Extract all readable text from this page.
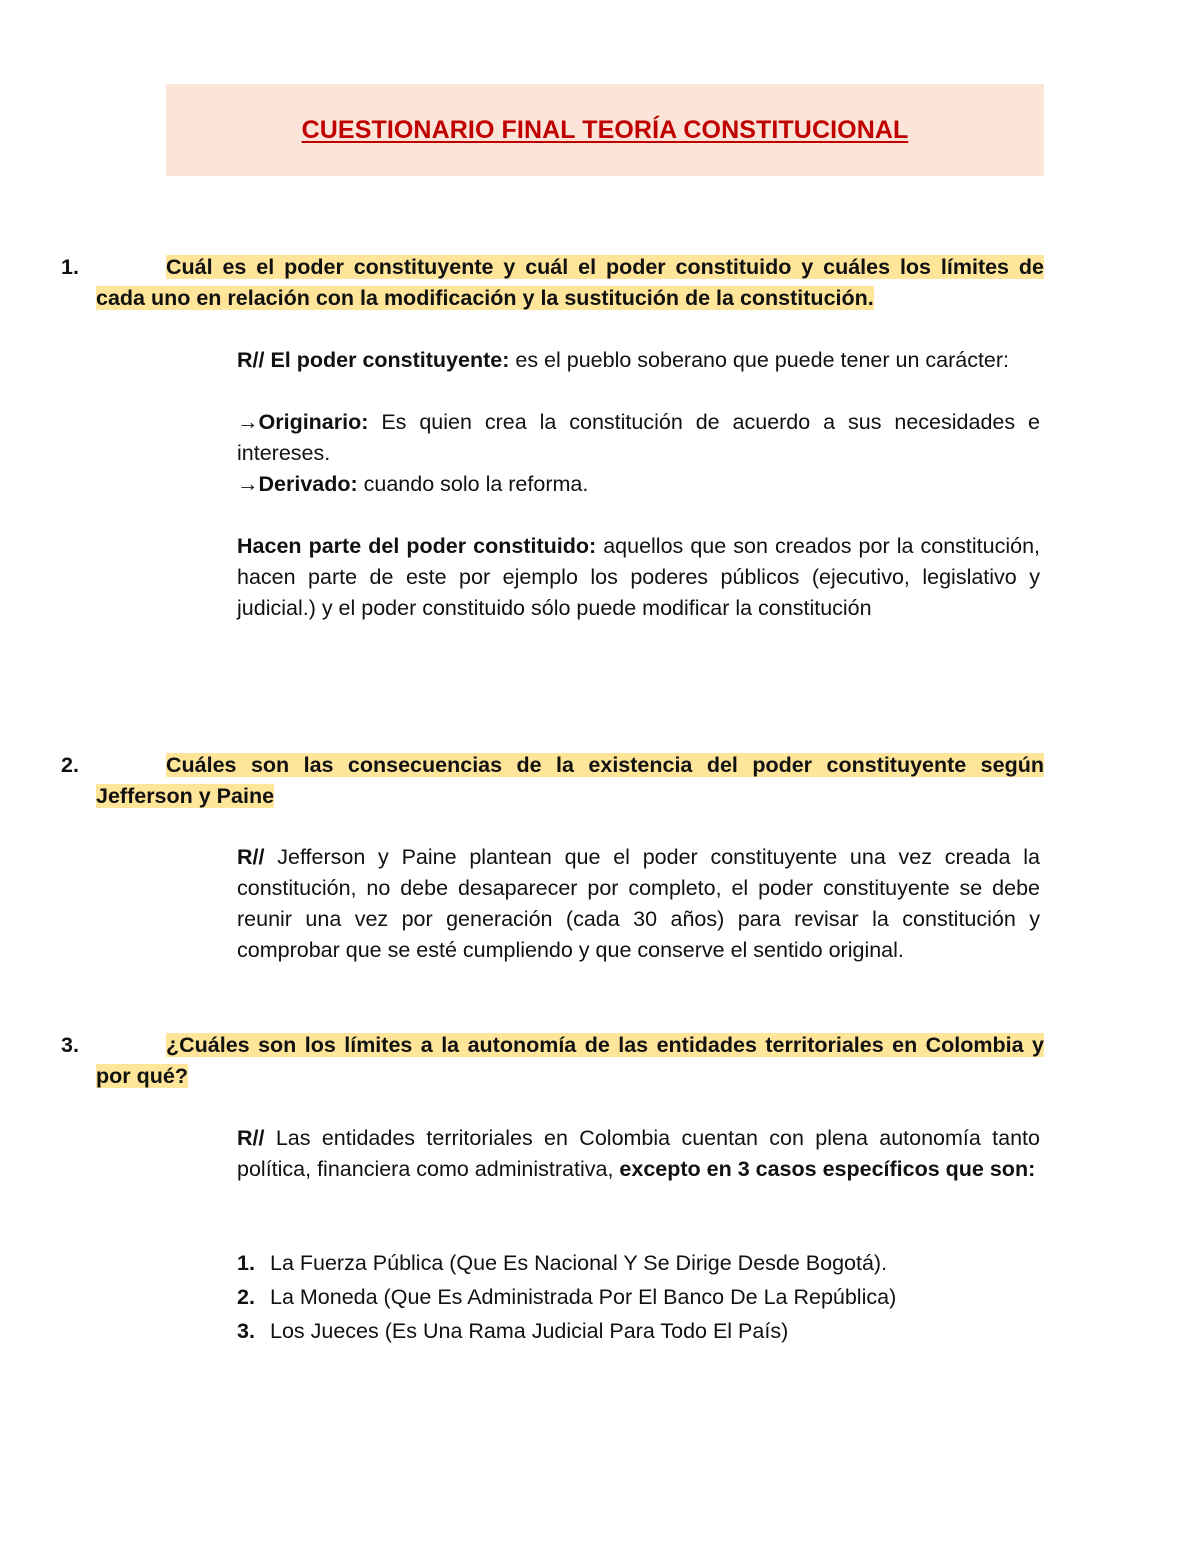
CUESTIONARIO FINAL TEORÍA CONSTITUCIONAL
1.	Cuál es el poder constituyente y cuál el poder constituido y cuáles los límites de cada uno en relación con la modificación y la sustitución de la constitución.

R// El poder constituyente: es el pueblo soberano que puede tener un carácter:

→Originario: Es quien crea la constitución de acuerdo a sus necesidades e intereses.

→Derivado: cuando solo la reforma.

Hacen parte del poder constituido: aquellos que son creados por la constitución, hacen parte de este por ejemplo los poderes públicos (ejecutivo, legislativo y judicial.) y el poder constituido sólo puede modificar la constitución

2.	Cuáles son las consecuencias de la existencia del poder constituyente según Jefferson y Paine

R// Jefferson y Paine plantean que el poder constituyente una vez creada la constitución, no debe desaparecer por completo, el poder constituyente se debe reunir una vez por generación (cada 30 años) para revisar la constitución y comprobar que se esté cumpliendo y que conserve el sentido original.

3.	¿Cuáles son los límites a la autonomía de las entidades territoriales en Colombia y por qué?

R// Las entidades territoriales en Colombia cuentan con plena autonomía tanto política, financiera como administrativa, excepto en 3 casos específicos que son:

1. La Fuerza Pública (Que Es Nacional Y Se Dirige Desde Bogotá).
2. La Moneda (Que Es Administrada Por El Banco De La República)
3. Los Jueces (Es Una Rama Judicial Para Todo El País)
